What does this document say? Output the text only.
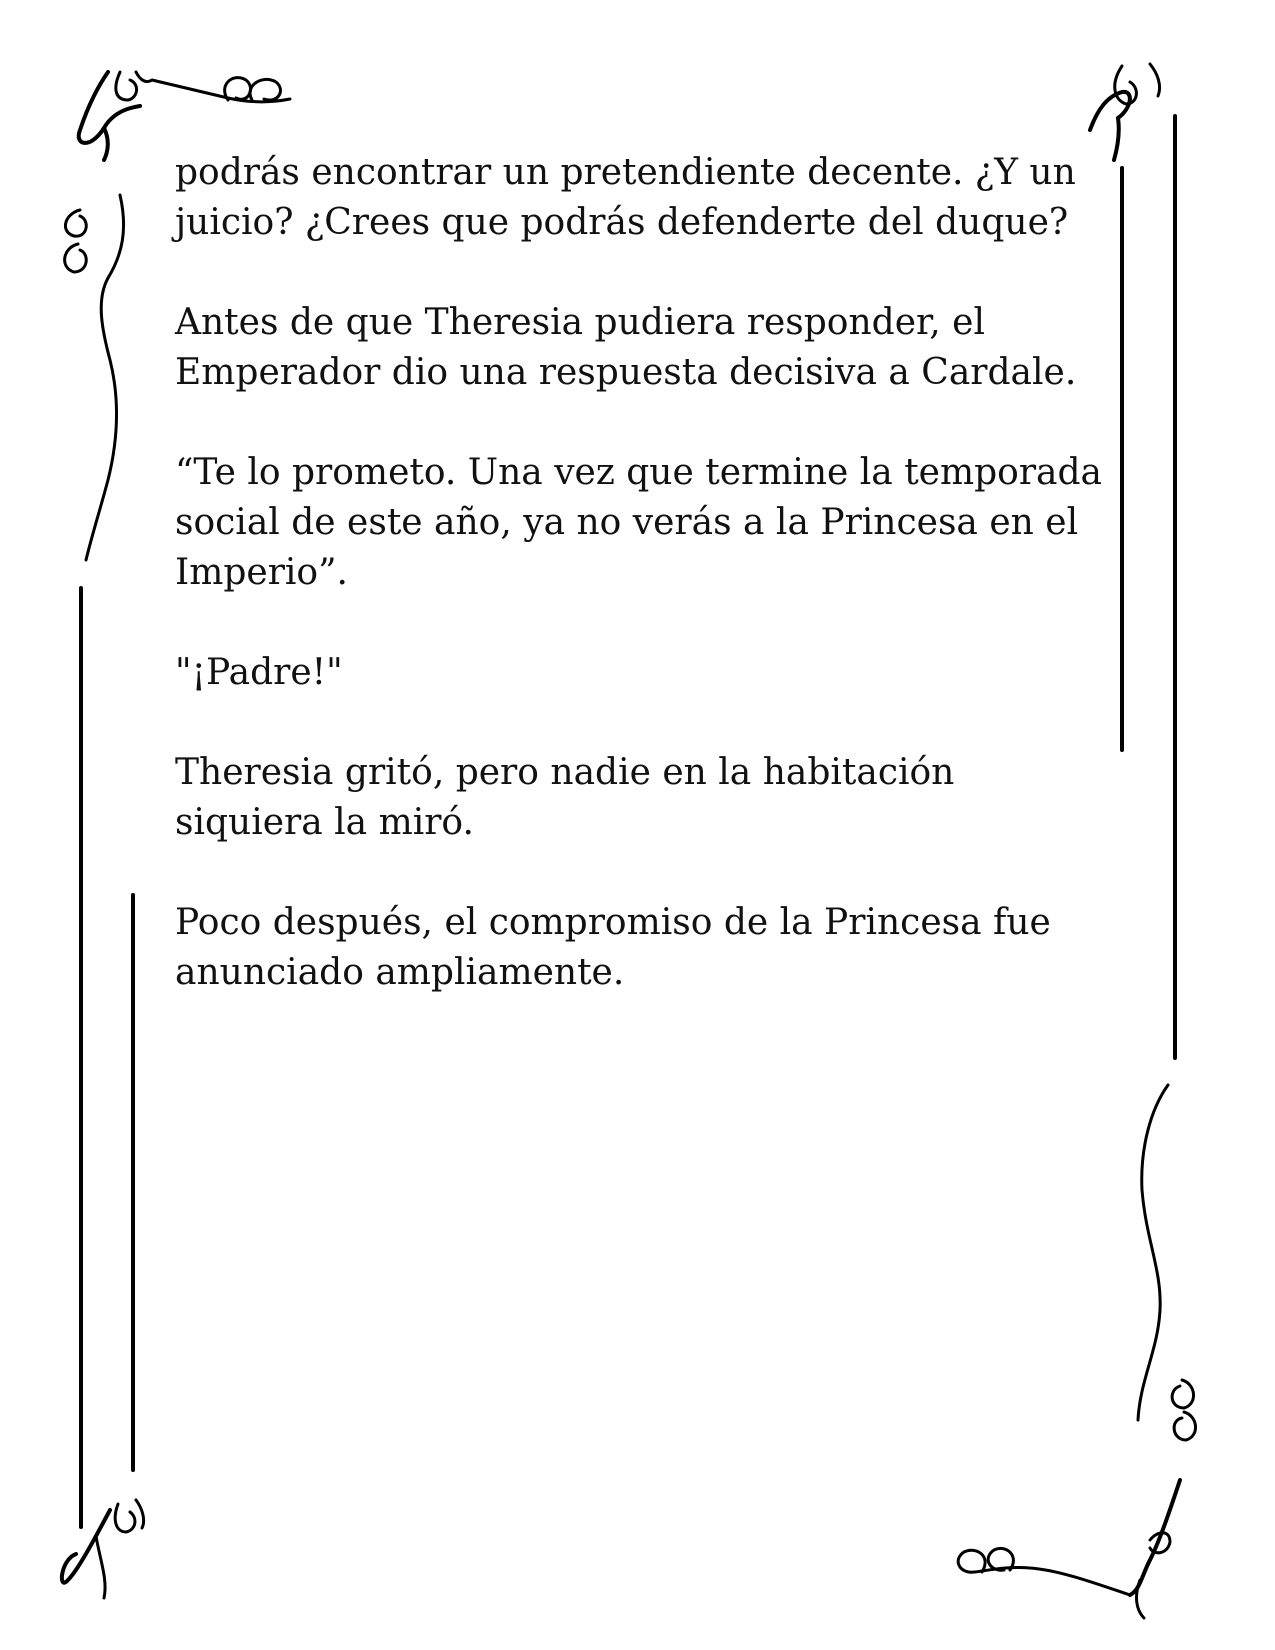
podrás encontrar un pretendiente decente. ¿Y un juicio? ¿Crees que podrás defenderte del duque?

Antes de que Theresia pudiera responder, el Emperador dio una respuesta decisiva a Cardale.

“Te lo prometo. Una vez que termine la temporada social de este año, ya no verás a la Princesa en el Imperio”.

"¡Padre!"

Theresia gritó, pero nadie en la habitación siquiera la miró.

Poco después, el compromiso de la Princesa fue anunciado ampliamente.
